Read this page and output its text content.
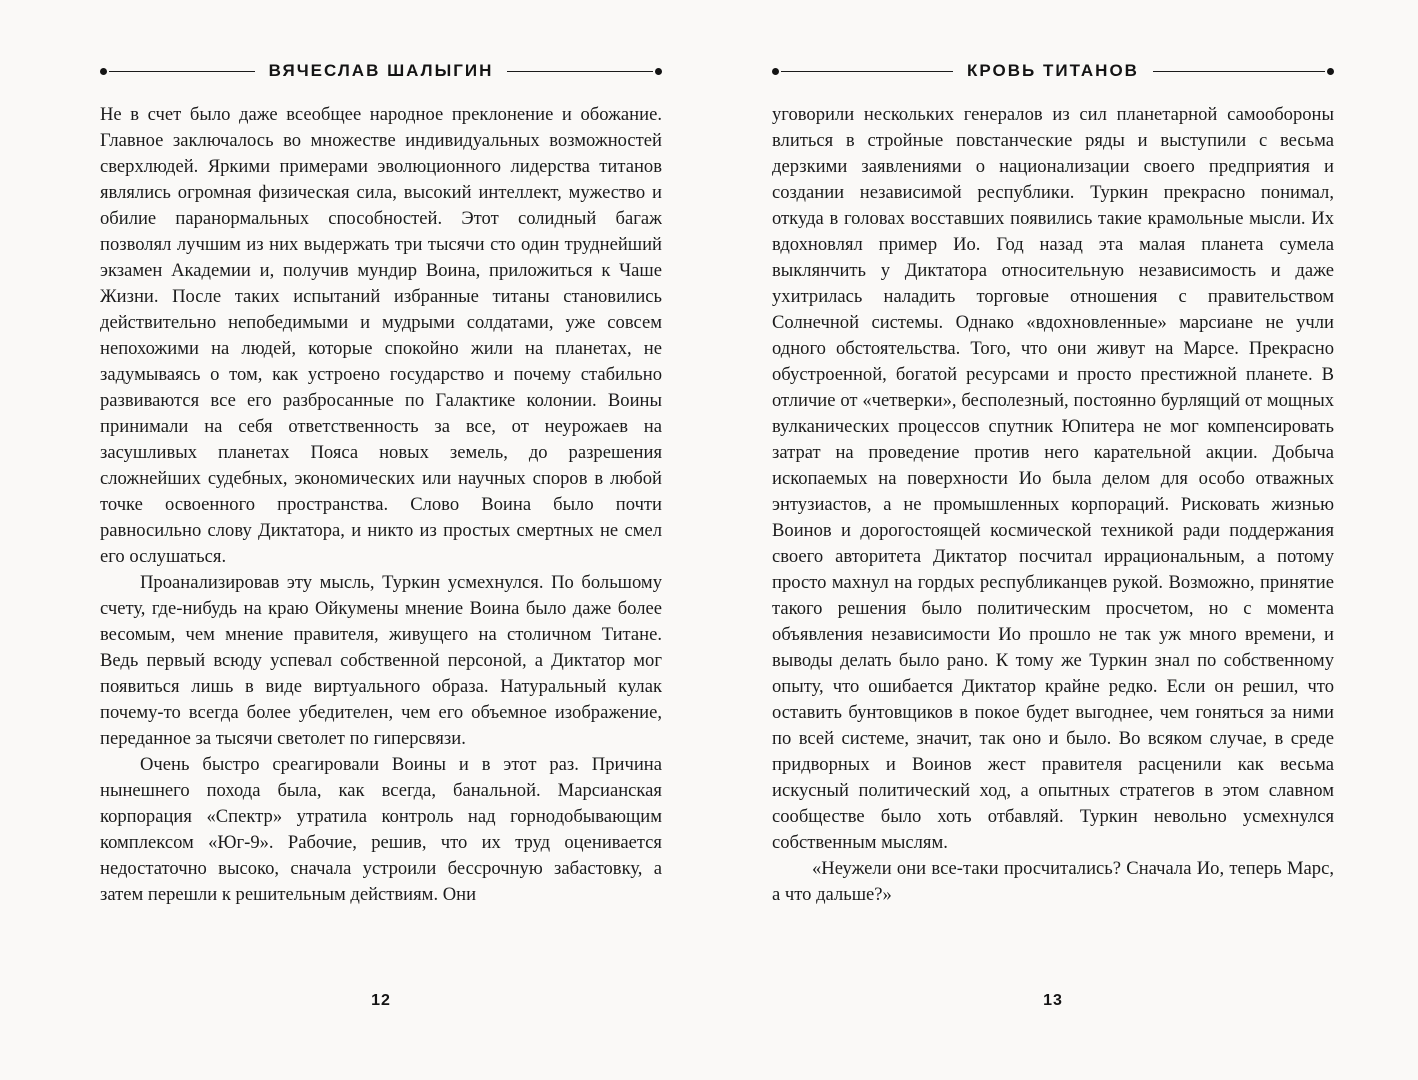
ВЯЧЕСЛАВ ШАЛЫГИН

Не в счет было даже всеобщее народное преклонение и обожание. Главное заключалось во множестве индивидуальных возможностей сверхлюдей. Яркими примерами эволюционного лидерства титанов являлись огромная физическая сила, высокий интеллект, мужество и обилие паранормальных способностей. Этот солидный багаж позволял лучшим из них выдержать три тысячи сто один труднейший экзамен Академии и, получив мундир Воина, приложиться к Чаше Жизни. После таких испытаний избранные титаны становились действительно непобедимыми и мудрыми солдатами, уже совсем непохожими на людей, которые спокойно жили на планетах, не задумываясь о том, как устроено государство и почему стабильно развиваются все его разбросанные по Галактике колонии. Воины принимали на себя ответственность за все, от неурожаев на засушливых планетах Пояса новых земель, до разрешения сложнейших судебных, экономических или научных споров в любой точке освоенного пространства. Слово Воина было почти равносильно слову Диктатора, и никто из простых смертных не смел его ослушаться.

Проанализировав эту мысль, Туркин усмехнулся. По большому счету, где-нибудь на краю Ойкумены мнение Воина было даже более весомым, чем мнение правителя, живущего на столичном Титане. Ведь первый всюду успевал собственной персоной, а Диктатор мог появиться лишь в виде виртуального образа. Натуральный кулак почему-то всегда более убедителен, чем его объемное изображение, переданное за тысячи светолет по гиперсвязи.

Очень быстро среагировали Воины и в этот раз. Причина нынешнего похода была, как всегда, банальной. Марсианская корпорация «Спектр» утратила контроль над горнодобывающим комплексом «Юг-9». Рабочие, решив, что их труд оценивается недостаточно высоко, сначала устроили бессрочную забастовку, а затем перешли к решительным действиям. Они

12
КРОВЬ ТИТАНОВ

уговорили нескольких генералов из сил планетарной самообороны влиться в стройные повстанческие ряды и выступили с весьма дерзкими заявлениями о национализации своего предприятия и создании независимой республики. Туркин прекрасно понимал, откуда в головах восставших появились такие крамольные мысли. Их вдохновлял пример Ио. Год назад эта малая планета сумела выклянчить у Диктатора относительную независимость и даже ухитрилась наладить торговые отношения с правительством Солнечной системы. Однако «вдохновленные» марсиане не учли одного обстоятельства. Того, что они живут на Марсе. Прекрасно обустроенной, богатой ресурсами и просто престижной планете. В отличие от «четверки», бесполезный, постоянно бурлящий от мощных вулканических процессов спутник Юпитера не мог компенсировать затрат на проведение против него карательной акции. Добыча ископаемых на поверхности Ио была делом для особо отважных энтузиастов, а не промышленных корпораций. Рисковать жизнью Воинов и дорогостоящей космической техникой ради поддержания своего авторитета Диктатор посчитал иррациональным, а потому просто махнул на гордых республиканцев рукой. Возможно, принятие такого решения было политическим просчетом, но с момента объявления независимости Ио прошло не так уж много времени, и выводы делать было рано. К тому же Туркин знал по собственному опыту, что ошибается Диктатор крайне редко. Если он решил, что оставить бунтовщиков в покое будет выгоднее, чем гоняться за ними по всей системе, значит, так оно и было. Во всяком случае, в среде придворных и Воинов жест правителя расценили как весьма искусный политический ход, а опытных стратегов в этом славном сообществе было хоть отбавляй. Туркин невольно усмехнулся собственным мыслям.

«Неужели они все-таки просчитались? Сначала Ио, теперь Марс, а что дальше?»

13
